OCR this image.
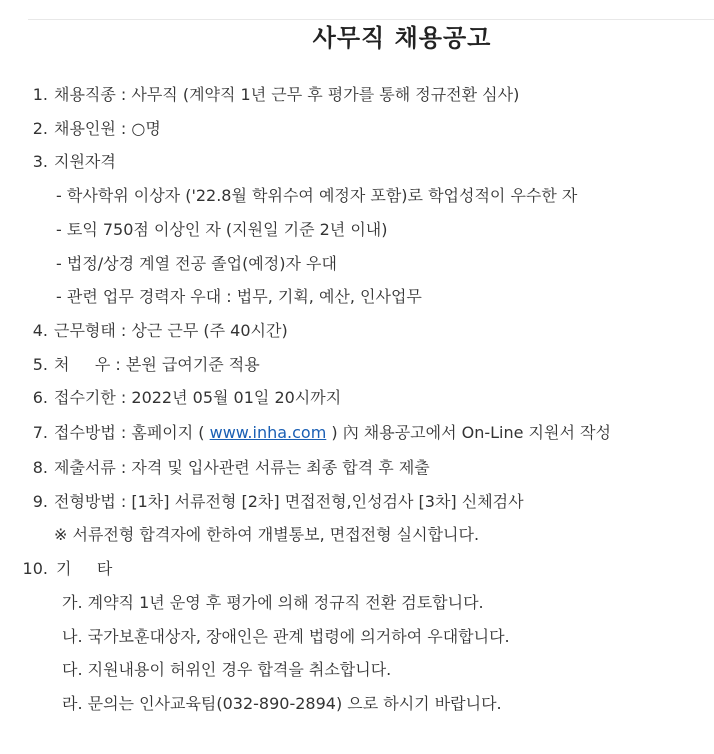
사무직 채용공고
1. 채용직종 : 사무직 (계약직 1년 근무 후 평가를 통해 정규전환 심사)
2. 채용인원 : ○명
3. 지원자격
- 학사학위 이상자 ('22.8월 학위수여 예정자 포함)로 학업성적이 우수한 자
- 토익 750점 이상인 자 (지원일 기준 2년 이내)
- 법정/상경 계열 전공 졸업(예정)자 우대
- 관련 업무 경력자 우대 : 법무, 기획, 예산, 인사업무
4. 근무형태 : 상근 근무 (주 40시간)
5. 처     우 : 본원 급여기준 적용
6. 접수기한 : 2022년 05월 01일 20시까지
7. 접수방법 : 홈페이지 ( www.inha.com ) 內 채용공고에서 On-Line 지원서 작성
8. 제출서류 : 자격 및 입사관련 서류는 최종 합격 후 제출
9. 전형방법 : [1차] 서류전형 [2차] 면접전형,인성검사 [3차] 신체검사
※ 서류전형 합격자에 한하여 개별통보, 면접전형 실시합니다.
10. 기     타
가. 계약직 1년 운영 후 평가에 의해 정규직 전환 검토합니다.
나. 국가보훈대상자, 장애인은 관계 법령에 의거하여 우대합니다.
다. 지원내용이 허위인 경우 합격을 취소합니다.
라. 문의는 인사교육팀(032-890-2894) 으로 하시기 바랍니다.
